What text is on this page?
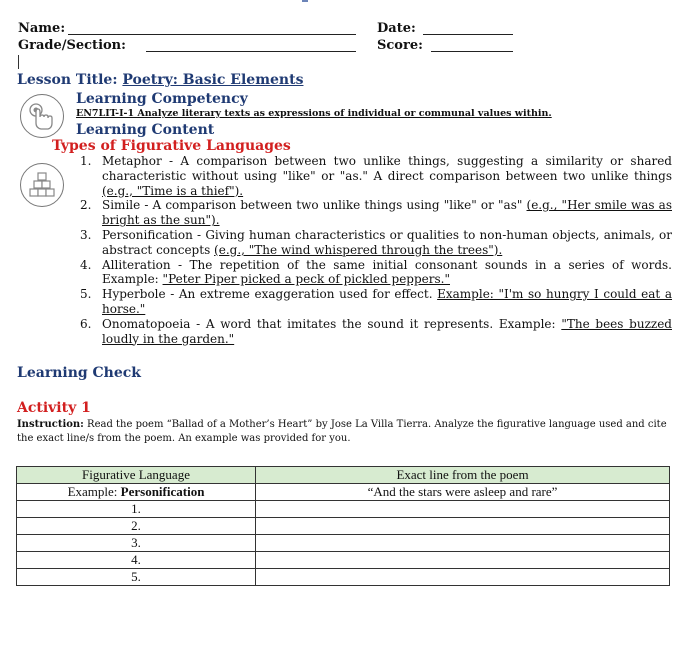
Name:	Date:
Grade/Section:	Score:
Lesson Title: Poetry: Basic Elements
Learning Competency
EN7LIT-I-1 Analyze literary texts as expressions of individual or communal values within.
Learning Content
Types of Figurative Languages
1. Metaphor - A comparison between two unlike things, suggesting a similarity or shared characteristic without using "like" or "as." A direct comparison between two unlike things (e.g., "Time is a thief").
2. Simile - A comparison between two unlike things using "like" or "as" (e.g., "Her smile was as bright as the sun").
3. Personification - Giving human characteristics or qualities to non-human objects, animals, or abstract concepts (e.g., "The wind whispered through the trees").
4. Alliteration - The repetition of the same initial consonant sounds in a series of words. Example: "Peter Piper picked a peck of pickled peppers."
5. Hyperbole - An extreme exaggeration used for effect. Example: "I'm so hungry I could eat a horse."
6. Onomatopoeia - A word that imitates the sound it represents. Example: "The bees buzzed loudly in the garden."
Learning Check
Activity 1
Instruction: Read the poem “Ballad of a Mother’s Heart” by Jose La Villa Tierra. Analyze the figurative language used and cite the exact line/s from the poem. An example was provided for you.
Figurative Language	Exact line from the poem
Example: Personification	“And the stars were asleep and rare”
1.	
2.	
3.	
4.	
5.	
